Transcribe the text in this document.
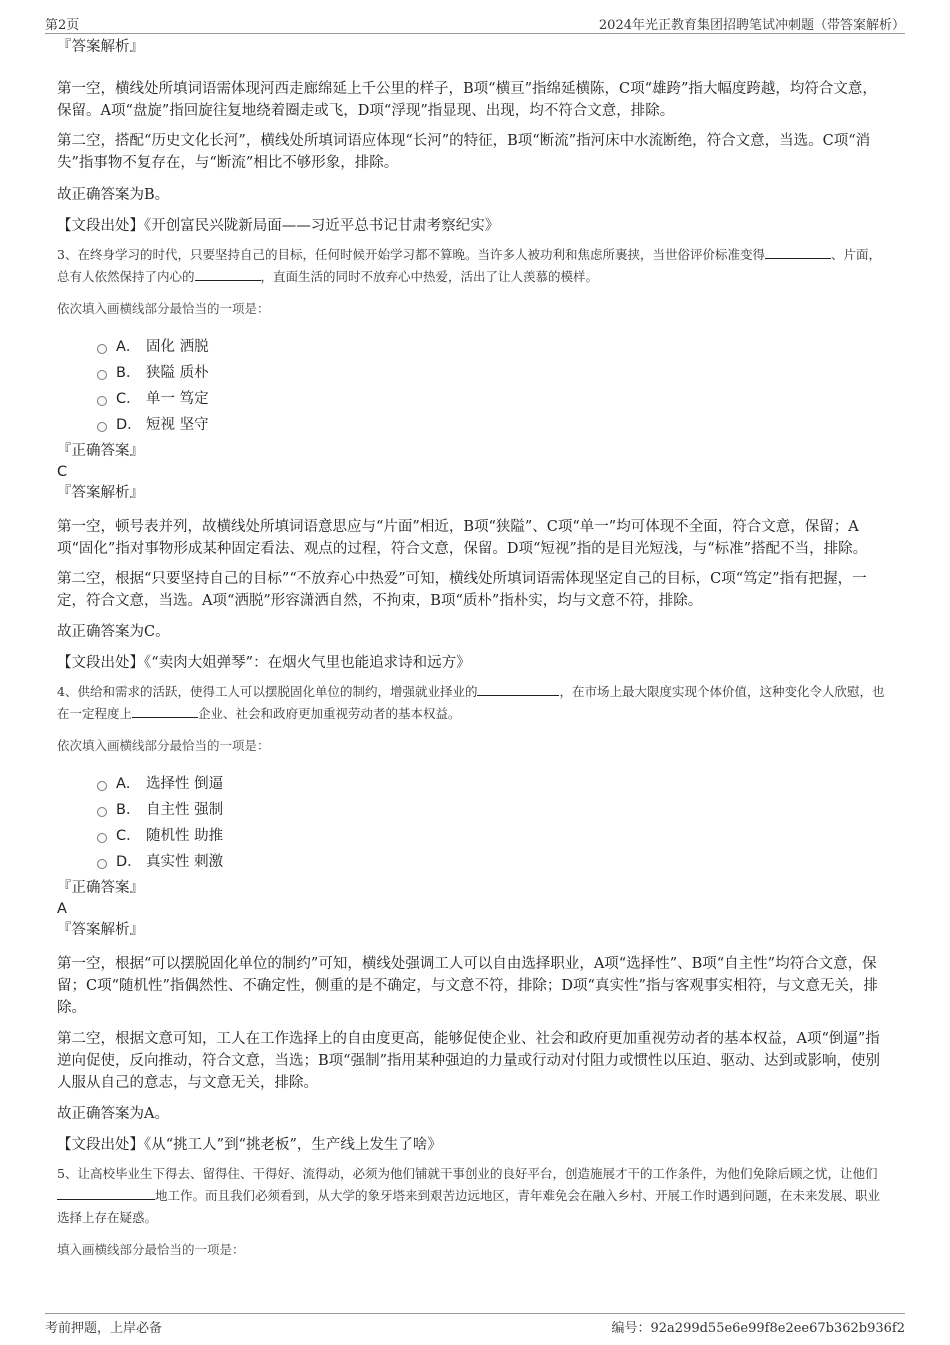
第2页	2024年光正教育集团招聘笔试冲刺题（带答案解析）
『答案解析』
第一空，横线处所填词语需体现河西走廊绵延上千公里的样子，B项“横亘”指绵延横陈，C项“雄跨”指大幅度跨越，均符合文意，保留。A项“盘旋”指回旋往复地绕着圈走或飞，D项“浮现”指显现、出现，均不符合文意，排除。
第二空，搭配“历史文化长河”，横线处所填词语应体现“长河”的特征，B项“断流”指河床中水流断绝，符合文意，当选。C项“消失”指事物不复存在，与“断流”相比不够形象，排除。
故正确答案为B。
【文段出处】《开创富民兴陇新局面——习近平总书记甘肃考察纪实》
3、在终身学习的时代，只要坚持自己的目标，任何时候开始学习都不算晚。当许多人被功利和焦虑所裹挟，当世俗评价标准变得	、片面，总有人依然保持了内心的	，直面生活的同时不放弃心中热爱，活出了让人羡慕的模样。
依次填入画横线部分最恰当的一项是：
A． 固化 洒脱
B． 狭隘 质朴
C． 单一 笃定
D． 短视 坚守
『正确答案』
C
『答案解析』
第一空，顿号表并列，故横线处所填词语意思应与“片面”相近，B项“狭隘”、C项“单一”均可体现不全面，符合文意，保留；A项“固化”指对事物形成某种固定看法、观点的过程，符合文意，保留。D项“短视”指的是目光短浅，与“标准”搭配不当，排除。
第二空，根据“只要坚持自己的目标”“不放弃心中热爱”可知，横线处所填词语需体现坚定自己的目标，C项“笃定”指有把握，一定，符合文意，当选。A项“洒脱”形容潇洒自然，不拘束，B项“质朴”指朴实，均与文意不符，排除。
故正确答案为C。
【文段出处】《“卖肉大姐弹琴”：在烟火气里也能追求诗和远方》
4、供给和需求的活跃，使得工人可以摆脱固化单位的制约，增强就业择业的	，在市场上最大限度实现个体价值，这种变化令人欣慰，也在一定程度上	企业、社会和政府更加重视劳动者的基本权益。
依次填入画横线部分最恰当的一项是：
A． 选择性 倒逼
B． 自主性 强制
C． 随机性 助推
D． 真实性 刺激
『正确答案』
A
『答案解析』
第一空，根据“可以摆脱固化单位的制约”可知，横线处强调工人可以自由选择职业，A项“选择性”、B项“自主性”均符合文意，保留；C项“随机性”指偶然性、不确定性，侧重的是不确定，与文意不符，排除；D项“真实性”指与客观事实相符，与文意无关，排除。
第二空，根据文意可知，工人在工作选择上的自由度更高，能够促使企业、社会和政府更加重视劳动者的基本权益，A项“倒逼”指逆向促使，反向推动，符合文意，当选；B项“强制”指用某种强迫的力量或行动对付阻力或惯性以压迫、驱动、达到或影响，使别人服从自己的意志，与文意无关，排除。
故正确答案为A。
【文段出处】《从“挑工人”到“挑老板”，生产线上发生了啥》
5、让高校毕业生下得去、留得住、干得好、流得动，必须为他们铺就干事创业的良好平台，创造施展才干的工作条件，为他们免除后顾之忧，让他们地工作。而且我们必须看到，从大学的象牙塔来到艰苦边远地区，青年难免会在融入乡村、开展工作时遇到问题，在未来发展、职业选择上存在疑惑。
填入画横线部分最恰当的一项是：
考前押题，上岸必备	编号：92a299d55e6e99f8e2ee67b362b936f2
